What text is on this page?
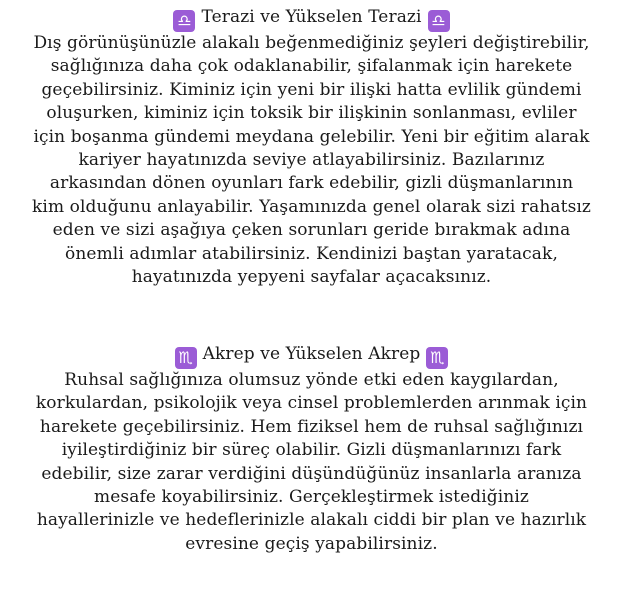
♎ Terazi ve Yükselen Terazi ♎
Dış görünüşünüzle alakalı beğenmediğiniz şeyleri değiştirebilir,
sağlığınıza daha çok odaklanabilir, şifalanmak için harekete
geçebilirsiniz. Kiminiz için yeni bir ilişki hatta evlilik gündemi
oluşurken, kiminiz için toksik bir ilişkinin sonlanması, evliler
için boşanma gündemi meydana gelebilir. Yeni bir eğitim alarak
kariyer hayatınızda seviye atlayabilirsiniz. Bazılarınız
arkasından dönen oyunları fark edebilir, gizli düşmanlarının
kim olduğunu anlayabilir. Yaşamınızda genel olarak sizi rahatsız
eden ve sizi aşağıya çeken sorunları geride bırakmak adına
önemli adımlar atabilirsiniz. Kendinizi baştan yaratacak,
hayatınızda yepyeni sayfalar açacaksınız.
♏ Akrep ve Yükselen Akrep ♏
Ruhsal sağlığınıza olumsuz yönde etki eden kaygılardan,
korkulardan, psikolojik veya cinsel problemlerden arınmak için
harekete geçebilirsiniz. Hem fiziksel hem de ruhsal sağlığınızı
iyileştirdiğiniz bir süreç olabilir. Gizli düşmanlarınızı fark
edebilir, size zarar verdiğini düşündüğünüz insanlarla aranıza
mesafe koyabilirsiniz. Gerçekleştirmek istediğiniz
hayallerinizle ve hedeflerinizle alakalı ciddi bir plan ve hazırlık
evresine geçiş yapabilirsiniz.
